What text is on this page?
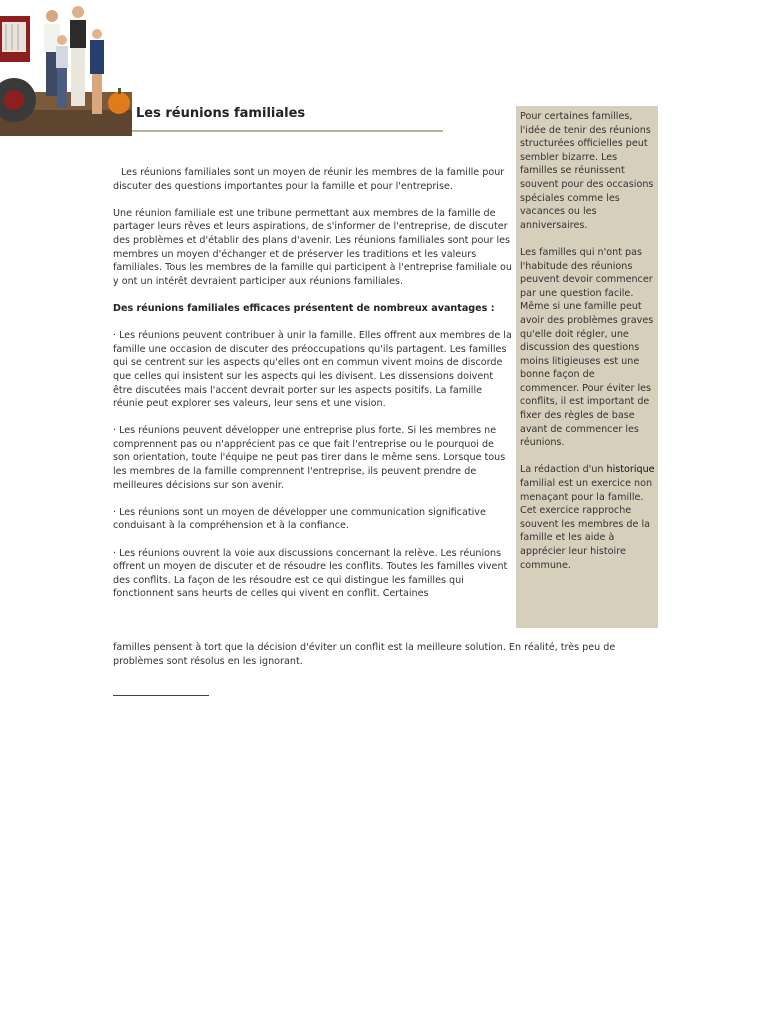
Les réunions familiales

Les réunions familiales sont un moyen de réunir les membres de la famille pour discuter des questions importantes pour la famille et pour l'entreprise.

Une réunion familiale est une tribune permettant aux membres de la famille de partager leurs rêves et leurs aspirations, de s'informer de l'entreprise, de discuter des problèmes et d'établir des plans d'avenir. Les réunions familiales sont pour les membres un moyen d'échanger et de préserver les traditions et les valeurs familiales. Tous les membres de la famille qui participent à l'entreprise familiale ou y ont un intérêt devraient participer aux réunions familiales.

Des réunions familiales efficaces présentent de nombreux avantages :

· Les réunions peuvent contribuer à unir la famille. Elles offrent aux membres de la famille une occasion de discuter des préoccupations qu'ils partagent. Les familles qui se centrent sur les aspects qu'elles ont en commun vivent moins de discorde que celles qui insistent sur les aspects qui les divisent. Les dissensions doivent être discutées mais l'accent devrait porter sur les aspects positifs. La famille réunie peut explorer ses valeurs, leur sens et une vision.

· Les réunions peuvent développer une entreprise plus forte. Si les membres ne comprennent pas ou n'apprécient pas ce que fait l'entreprise ou le pourquoi de son orientation, toute l'équipe ne peut pas tirer dans le même sens. Lorsque tous les membres de la famille comprennent l'entreprise, ils peuvent prendre de meilleures décisions sur son avenir.

· Les réunions sont un moyen de développer une communication significative conduisant à la compréhension et à la confiance.

· Les réunions ouvrent la voie aux discussions concernant la relève. Les réunions offrent un moyen de discuter et de résoudre les conflits. Toutes les familles vivent des conflits. La façon de les résoudre est ce qui distingue les familles qui fonctionnent sans heurts de celles qui vivent en conflit. Certaines

familles pensent à tort que la décision d'éviter un conflit est la meilleure solution. En réalité, très peu de problèmes sont résolus en les ignorant.

Pour certaines familles, l'idée de tenir des réunions structurées officielles peut sembler bizarre. Les familles se réunissent souvent pour des occasions spéciales comme les vacances ou les anniversaires.

Les familles qui n'ont pas l'habitude des réunions peuvent devoir commencer par une question facile. Même si une famille peut avoir des problèmes graves qu'elle doit régler, une discussion des questions moins litigieuses est une bonne façon de commencer. Pour éviter les conflits, il est important de fixer des règles de base avant de commencer les réunions.

La rédaction d'un historique familial est un exercice non menaçant pour la famille. Cet exercice rapproche souvent les membres de la famille et les aide à apprécier leur histoire commune.
